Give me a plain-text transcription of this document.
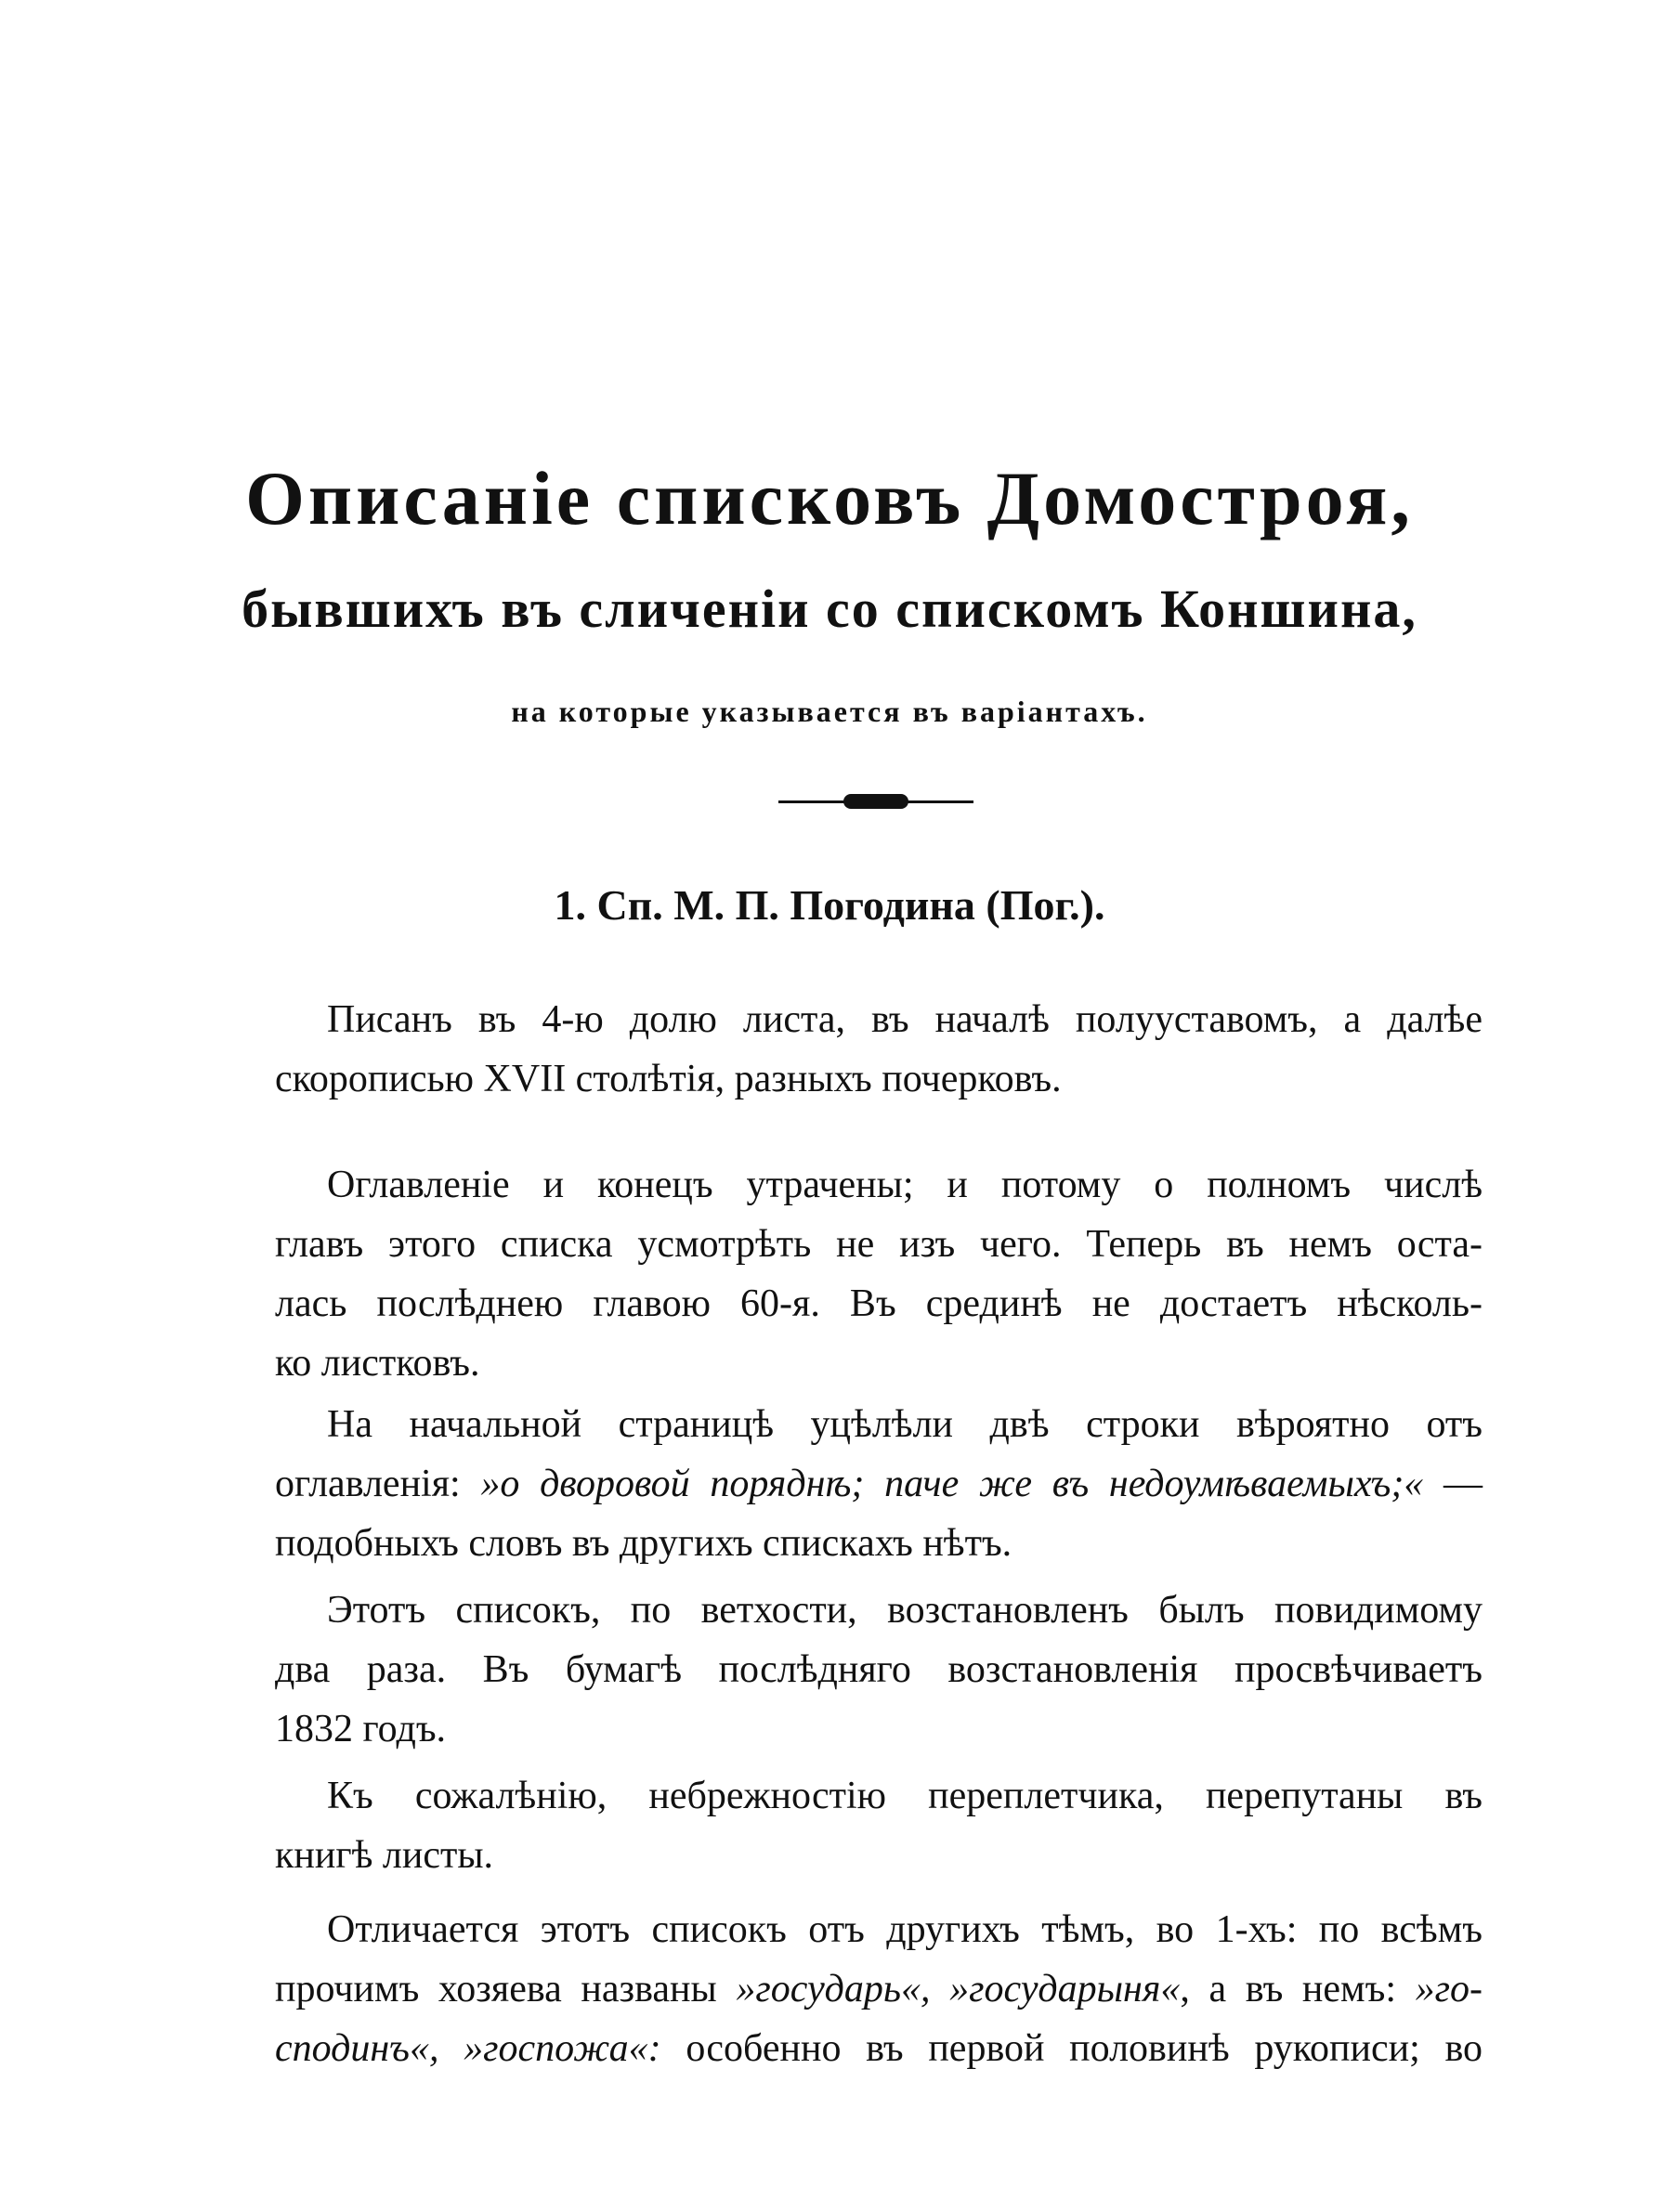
Описаніе списковъ Домостроя,
бывшихъ въ сличеніи со спискомъ Коншина,
на которые указывается въ варіантахъ.
1. Сп. М. П. Погодина (Пог.).
Писанъ въ 4-ю долю листа, въ началѣ полууставомъ, а далѣе
скорописью XVII столѣтія, разныхъ почерковъ.
Оглавленіе и конецъ утрачены; и потому о полномъ числѣ
главъ этого списка усмотрѣть не изъ чего. Теперь въ немъ оста-
лась послѣднею главою 60-я. Въ срединѣ не достаетъ нѣсколь-
ко листковъ.
На начальной страницѣ уцѣлѣли двѣ строки вѣроятно отъ
оглавленія: »о дворовой поряднѣ; паче же въ недоумѣваемыхъ;« —
подобныхъ словъ въ другихъ спискахъ нѣтъ.
Этотъ списокъ, по ветхости, возстановленъ былъ повидимому
два раза. Въ бумагѣ послѣдняго возстановленія просвѣчиваетъ
1832 годъ.
Къ сожалѣнію, небрежностію переплетчика, перепутаны въ
книгѣ листы.
Отличается этотъ списокъ отъ другихъ тѣмъ, во 1-хъ: по всѣмъ
прочимъ хозяева названы »государь«, »государыня«, а въ немъ: »го-
сподинъ«, »госпожа«: особенно въ первой половинѣ рукописи; во
